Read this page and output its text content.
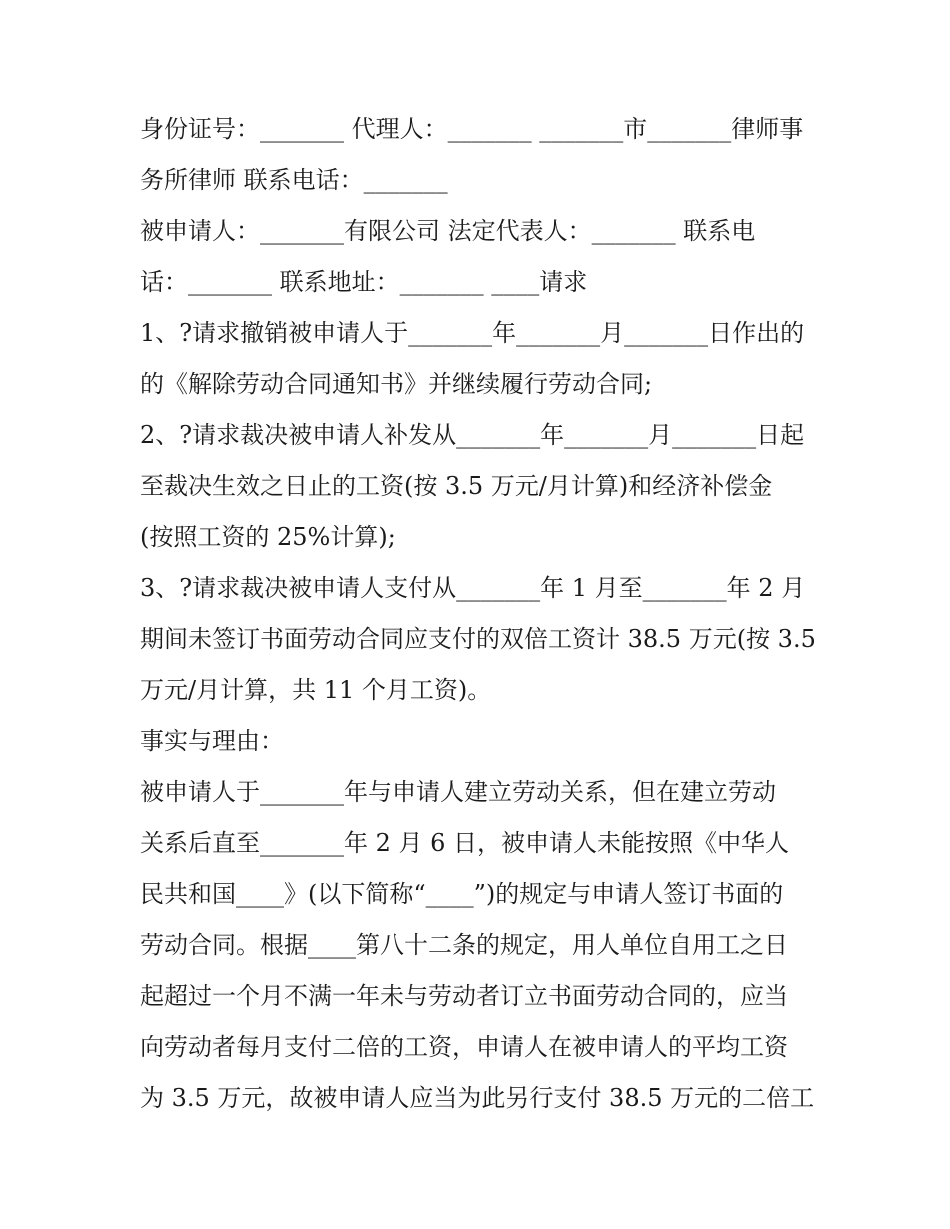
身份证号：_______ 代理人：_______ _______市_______律师事
务所律师 联系电话：_______
被申请人：_______有限公司 法定代表人：_______ 联系电
话：_______ 联系地址：_______ ____请求
1、?请求撤销被申请人于_______年_______月_______日作出的
的《解除劳动合同通知书》并继续履行劳动合同;
2、?请求裁决被申请人补发从_______年_______月_______日起
至裁决生效之日止的工资(按 3.5 万元/月计算)和经济补偿金
(按照工资的 25%计算);
3、?请求裁决被申请人支付从_______年 1 月至_______年 2 月
期间未签订书面劳动合同应支付的双倍工资计 38.5 万元(按 3.5
万元/月计算，共 11 个月工资)。
事实与理由：
被申请人于_______年与申请人建立劳动关系，但在建立劳动
关系后直至_______年 2 月 6 日，被申请人未能按照《中华人
民共和国____》(以下简称“____”)的规定与申请人签订书面的
劳动合同。根据____第八十二条的规定，用人单位自用工之日
起超过一个月不满一年未与劳动者订立书面劳动合同的，应当
向劳动者每月支付二倍的工资，申请人在被申请人的平均工资
为 3.5 万元，故被申请人应当为此另行支付 38.5 万元的二倍工
